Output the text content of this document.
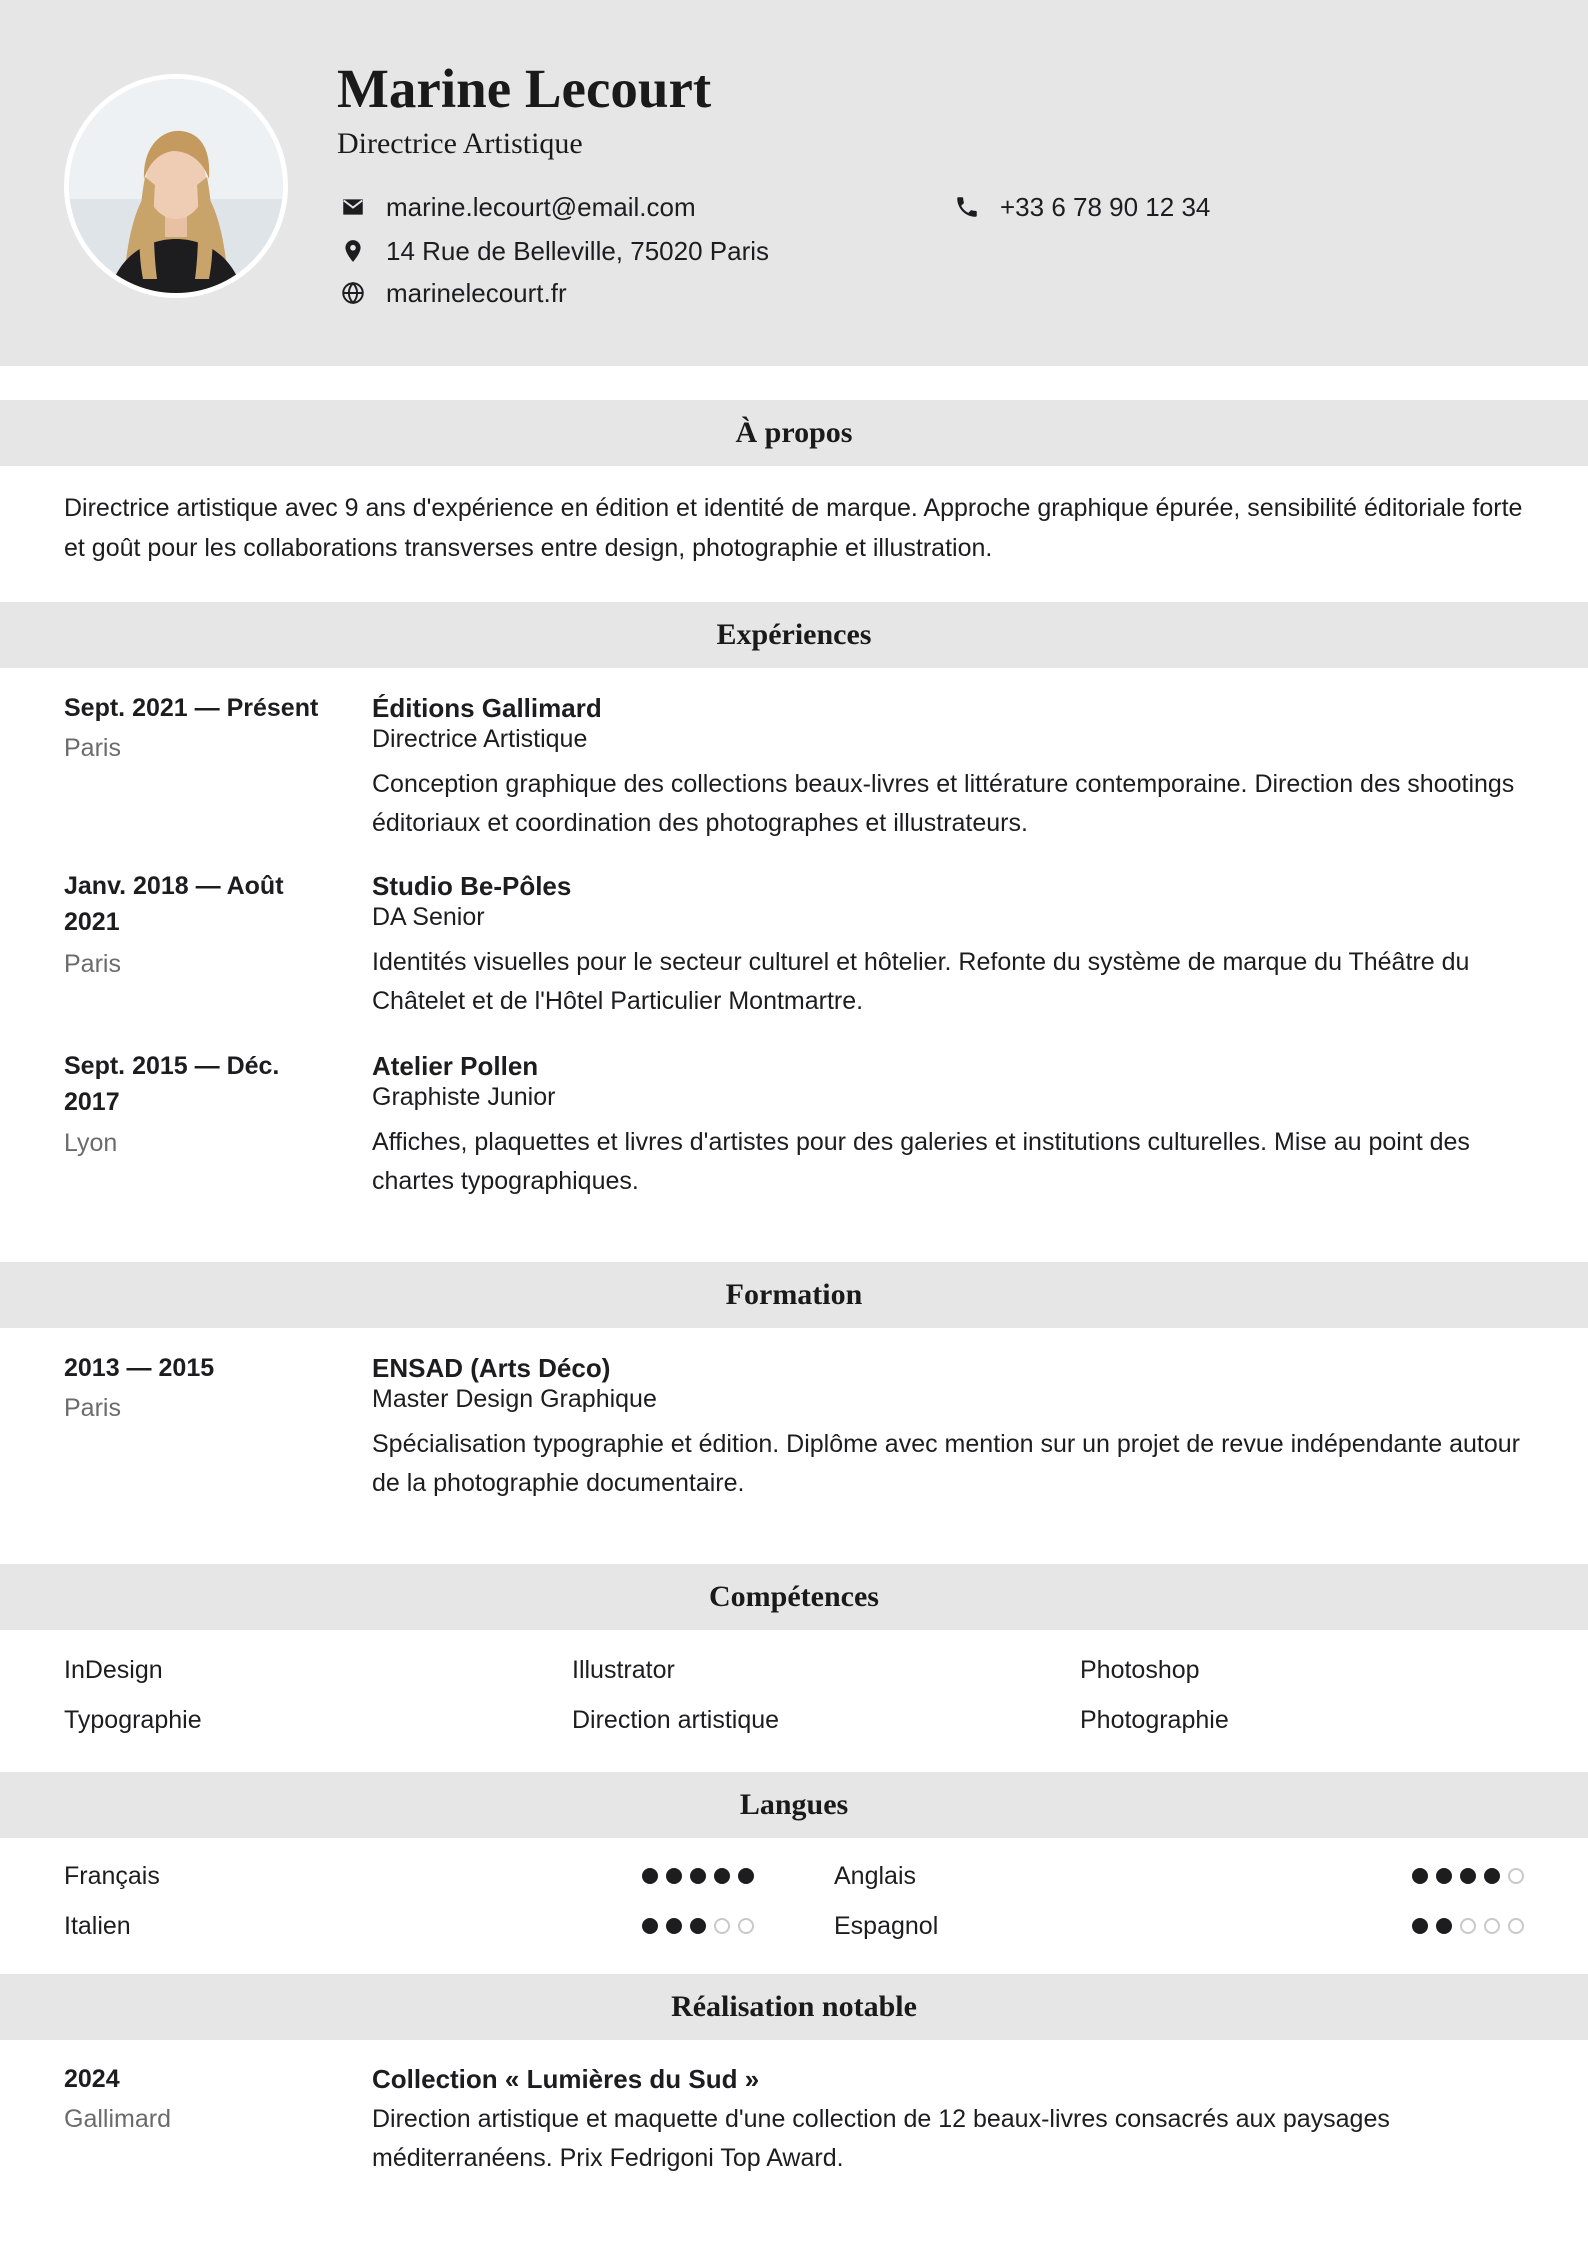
Marine Lecourt
Directrice Artistique
marine.lecourt@email.com	+33 6 78 90 12 34
14 Rue de Belleville, 75020 Paris
marinelecourt.fr
À propos
Directrice artistique avec 9 ans d'expérience en édition et identité de marque. Approche graphique épurée, sensibilité éditoriale forte et goût pour les collaborations transverses entre design, photographie et illustration.
Expériences
Sept. 2021 — Présent
Paris
Éditions Gallimard
Directrice Artistique
Conception graphique des collections beaux-livres et littérature contemporaine. Direction des shootings éditoriaux et coordination des photographes et illustrateurs.
Janv. 2018 — Août 2021
Paris
Studio Be-Pôles
DA Senior
Identités visuelles pour le secteur culturel et hôtelier. Refonte du système de marque du Théâtre du Châtelet et de l'Hôtel Particulier Montmartre.
Sept. 2015 — Déc. 2017
Lyon
Atelier Pollen
Graphiste Junior
Affiches, plaquettes et livres d'artistes pour des galeries et institutions culturelles. Mise au point des chartes typographiques.
Formation
2013 — 2015
Paris
ENSAD (Arts Déco)
Master Design Graphique
Spécialisation typographie et édition. Diplôme avec mention sur un projet de revue indépendante autour de la photographie documentaire.
Compétences
InDesign	Illustrator	Photoshop
Typographie	Direction artistique	Photographie
Langues
Français	Anglais
Italien	Espagnol
Réalisation notable
2024
Gallimard
Collection « Lumières du Sud »
Direction artistique et maquette d'une collection de 12 beaux-livres consacrés aux paysages méditerranéens. Prix Fedrigoni Top Award.
